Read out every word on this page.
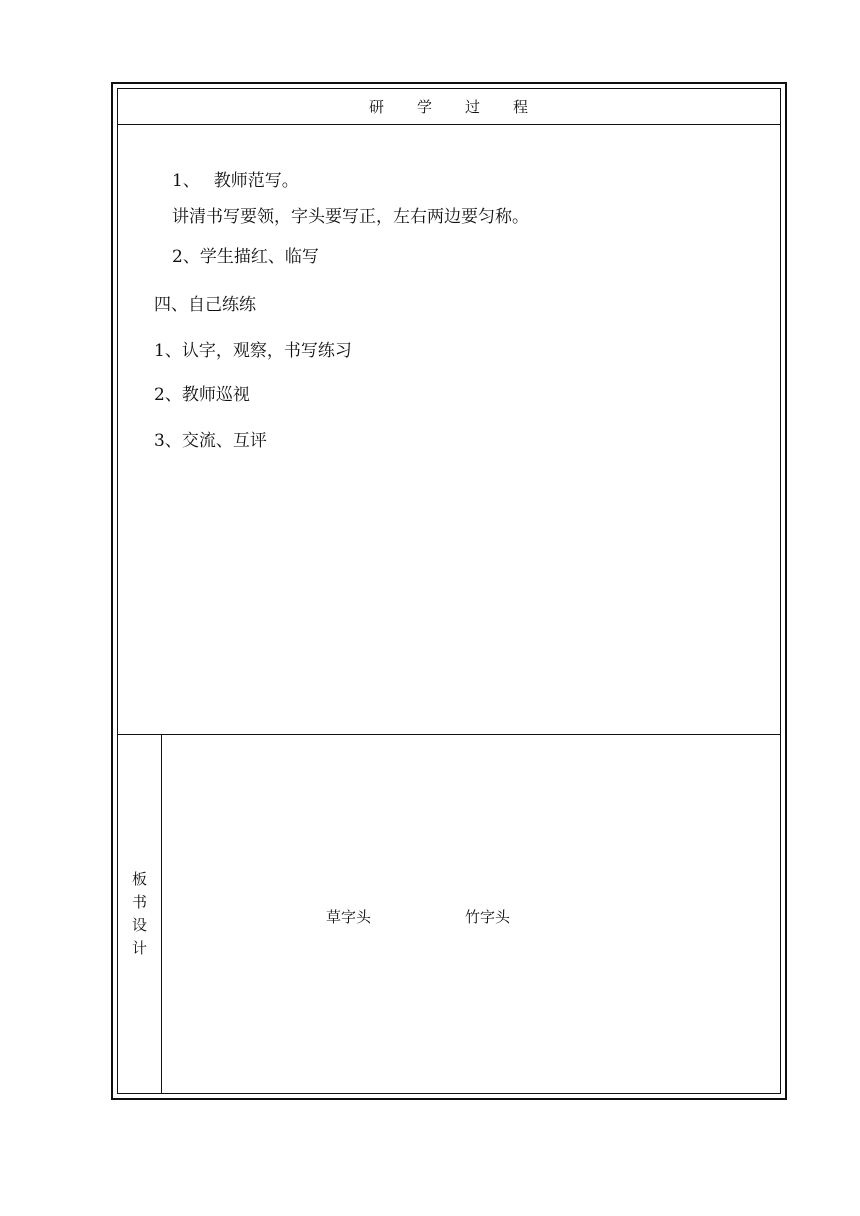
研　　学　　过　　程
1、　 教师范写。
讲清书写要领，字头要写正，左右两边要匀称。
2、学生描红、临写
四、自己练练
1、认字，观察，书写练习
2、教师巡视
3、交流、互评
板书设计
草字头	竹字头
